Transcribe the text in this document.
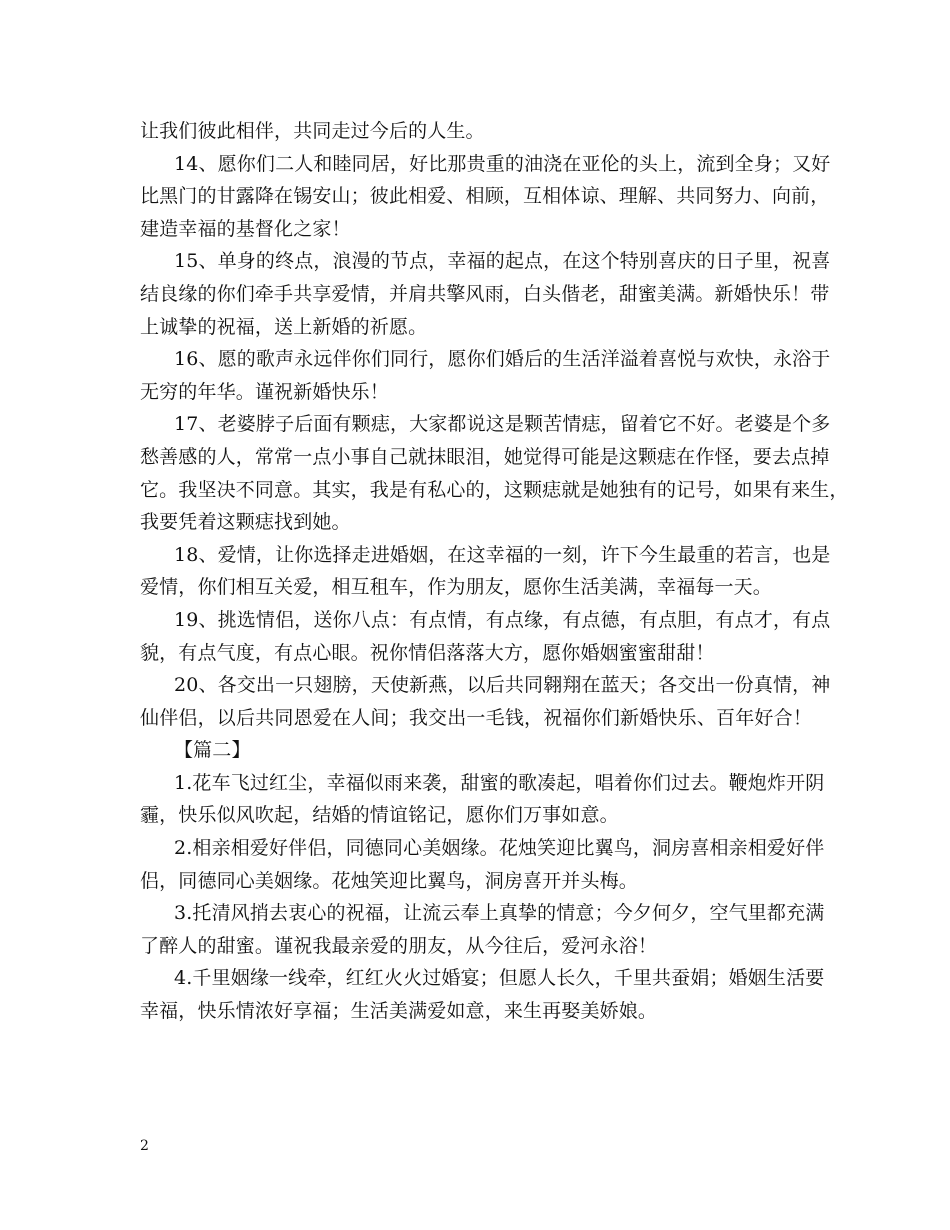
让我们彼此相伴，共同走过今后的人生。
14、愿你们二人和睦同居，好比那贵重的油浇在亚伦的头上，流到全身；又好
比黑门的甘露降在锡安山；彼此相爱、相顾，互相体谅、理解、共同努力、向前，
建造幸福的基督化之家！
15、单身的终点，浪漫的节点，幸福的起点，在这个特别喜庆的日子里，祝喜
结良缘的你们牵手共享爱情，并肩共擎风雨，白头偕老，甜蜜美满。新婚快乐！带
上诚挚的祝福，送上新婚的祈愿。
16、愿的歌声永远伴你们同行，愿你们婚后的生活洋溢着喜悦与欢快，永浴于
无穷的年华。谨祝新婚快乐！
17、老婆脖子后面有颗痣，大家都说这是颗苦情痣，留着它不好。老婆是个多
愁善感的人，常常一点小事自己就抹眼泪，她觉得可能是这颗痣在作怪，要去点掉
它。我坚决不同意。其实，我是有私心的，这颗痣就是她独有的记号，如果有来生，
我要凭着这颗痣找到她。
18、爱情，让你选择走进婚姻，在这幸福的一刻，许下今生最重的若言，也是
爱情，你们相互关爱，相互租车，作为朋友，愿你生活美满，幸福每一天。
19、挑选情侣，送你八点：有点情，有点缘，有点德，有点胆，有点才，有点
貌，有点气度，有点心眼。祝你情侣落落大方，愿你婚姻蜜蜜甜甜！
20、各交出一只翅膀，天使新燕，以后共同翱翔在蓝天；各交出一份真情，神
仙伴侣，以后共同恩爱在人间；我交出一毛钱，祝福你们新婚快乐、百年好合！
【篇二】
1.花车飞过红尘，幸福似雨来袭，甜蜜的歌凑起，唱着你们过去。鞭炮炸开阴
霾，快乐似风吹起，结婚的情谊铭记，愿你们万事如意。
2.相亲相爱好伴侣，同德同心美姻缘。花烛笑迎比翼鸟，洞房喜相亲相爱好伴
侣，同德同心美姻缘。花烛笑迎比翼鸟，洞房喜开并头梅。
3.托清风捎去衷心的祝福，让流云奉上真挚的情意；今夕何夕，空气里都充满
了醉人的甜蜜。谨祝我最亲爱的朋友，从今往后，爱河永浴！
4.千里姻缘一线牵，红红火火过婚宴；但愿人长久，千里共蚕娟；婚姻生活要
幸福，快乐情浓好享福；生活美满爱如意，来生再娶美娇娘。
2
